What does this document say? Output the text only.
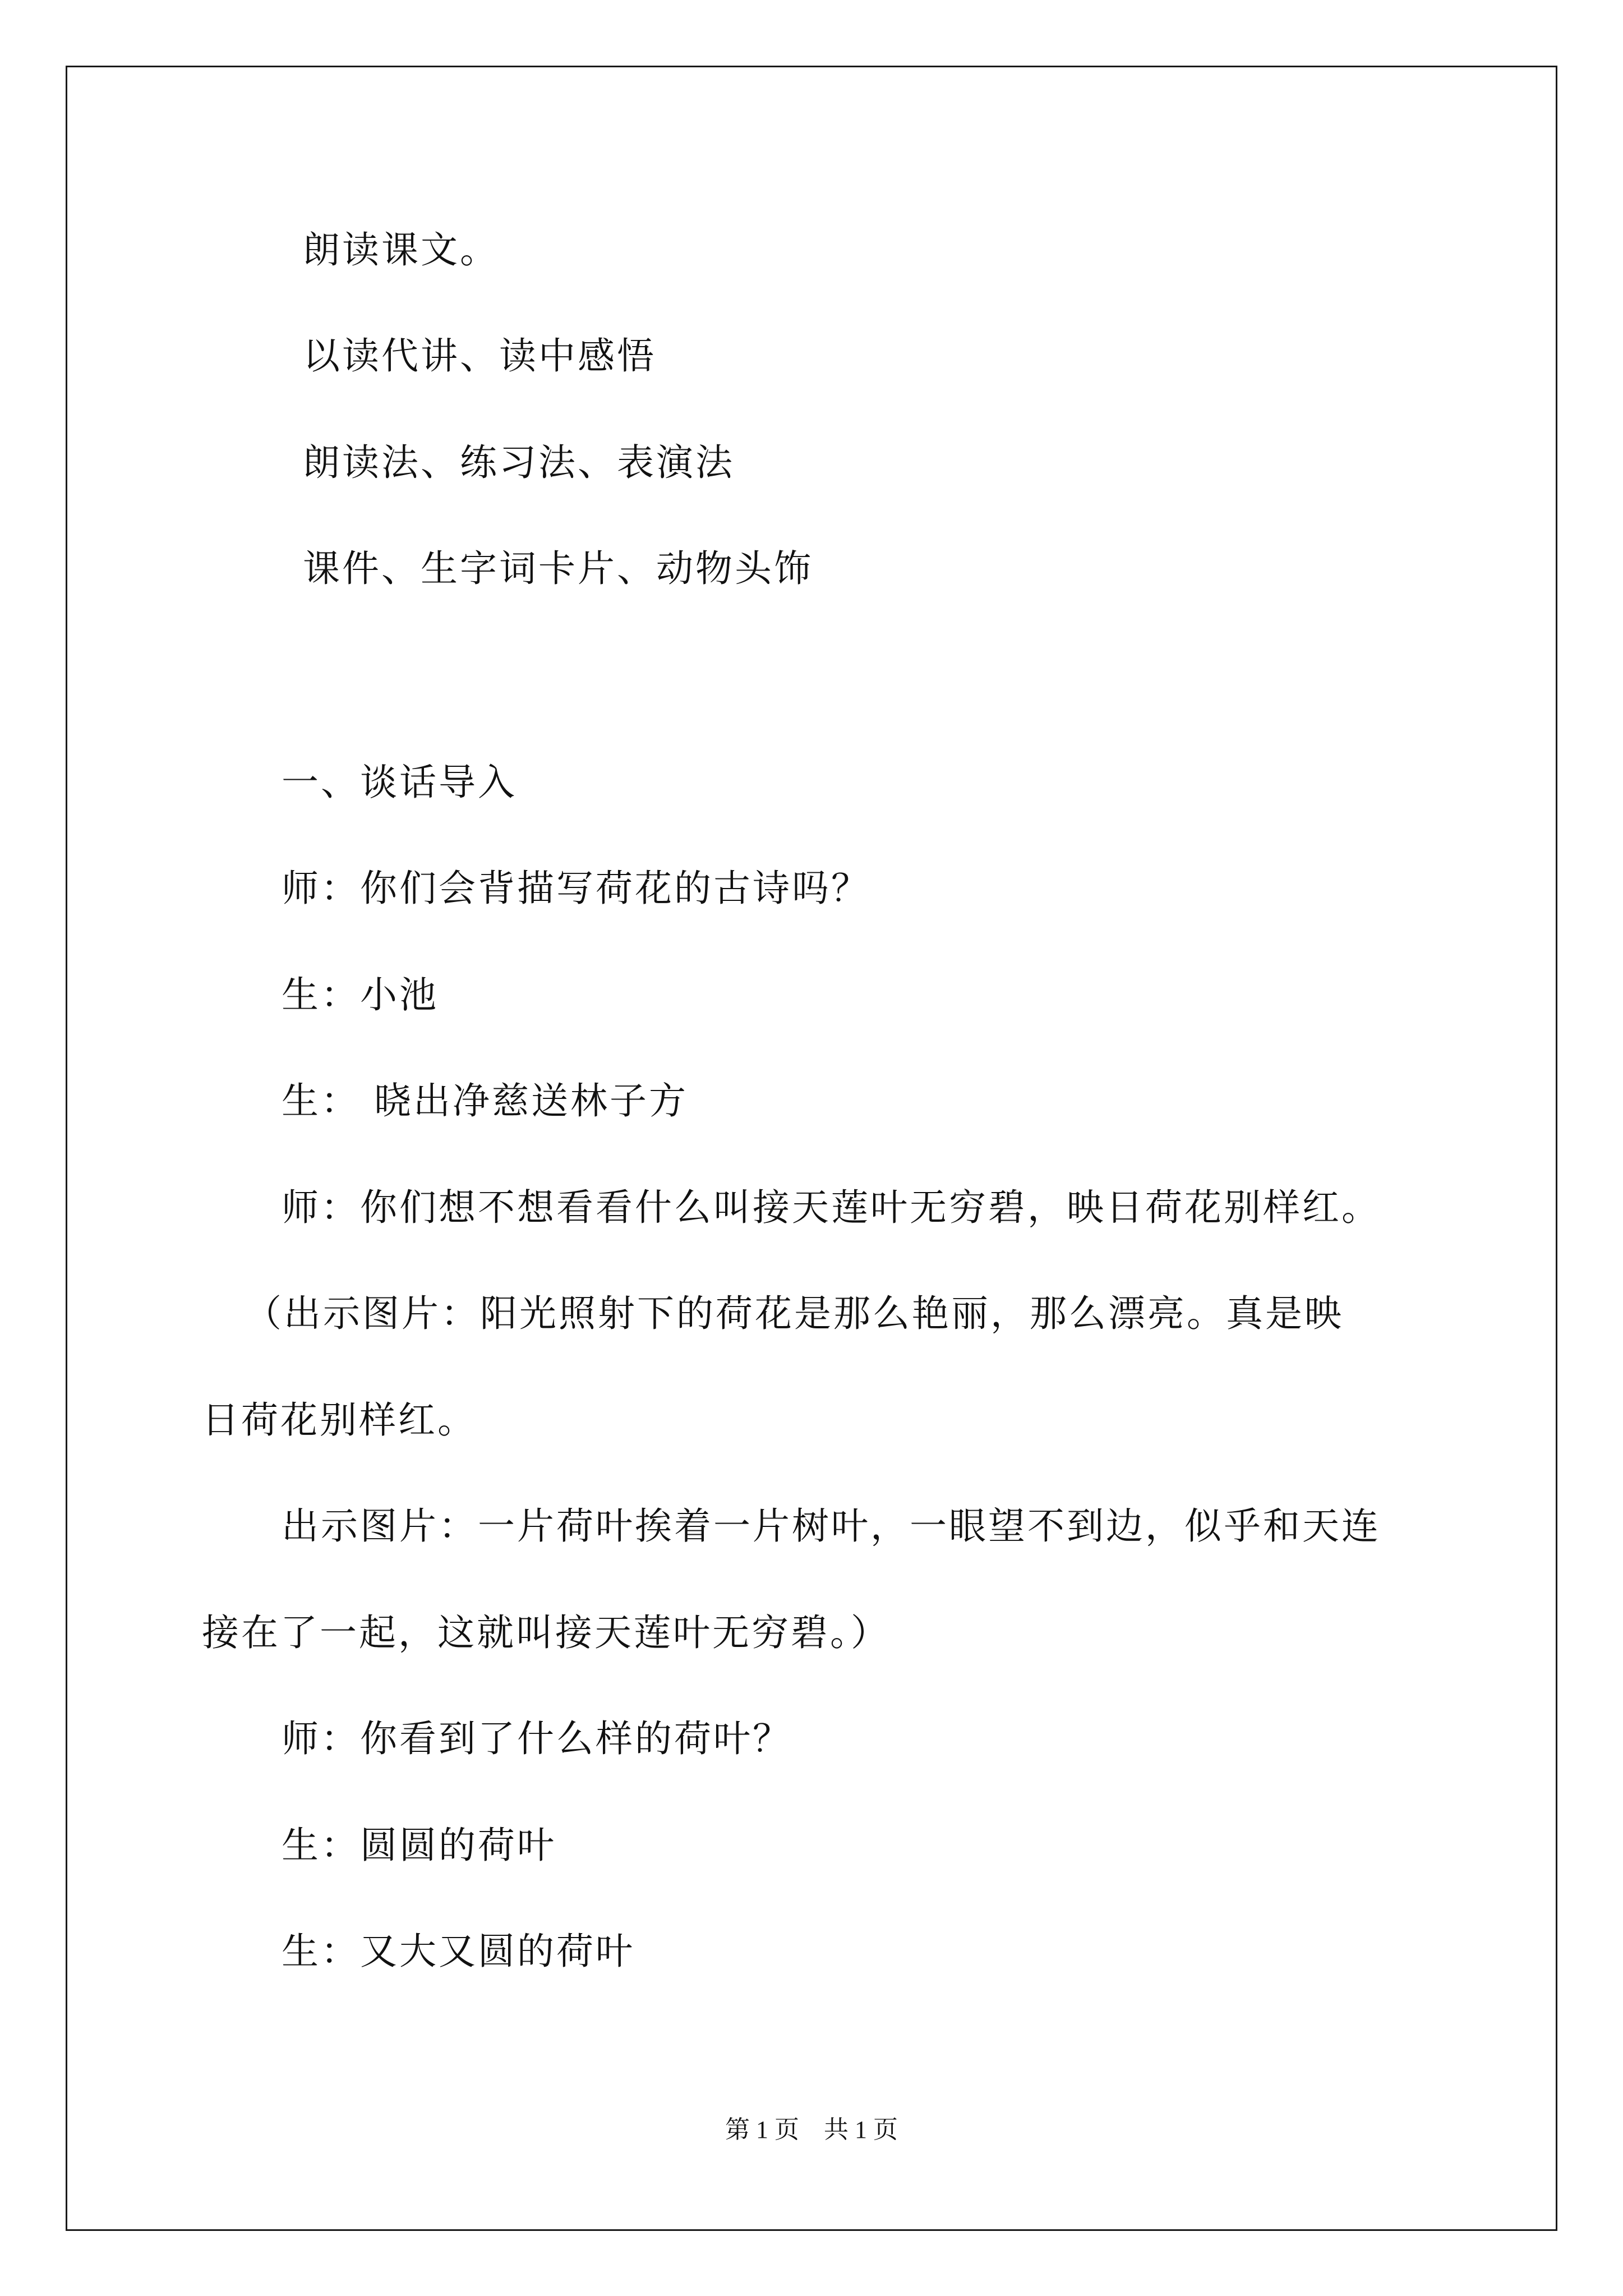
朗读课文。
以读代讲、读中感悟
朗读法、练习法、表演法
课件、生字词卡片、动物头饰
一、谈话导入
师：你们会背描写荷花的古诗吗？
生：小池
生： 晓出净慈送林子方
师：你们想不想看看什么叫接天莲叶无穷碧，映日荷花别样红。
（出示图片：阳光照射下的荷花是那么艳丽，那么漂亮。真是映
日荷花别样红。
出示图片：一片荷叶挨着一片树叶，一眼望不到边，似乎和天连
接在了一起，这就叫接天莲叶无穷碧。）
师：你看到了什么样的荷叶？
生：圆圆的荷叶
生：又大又圆的荷叶
第 1 页　共 1 页
